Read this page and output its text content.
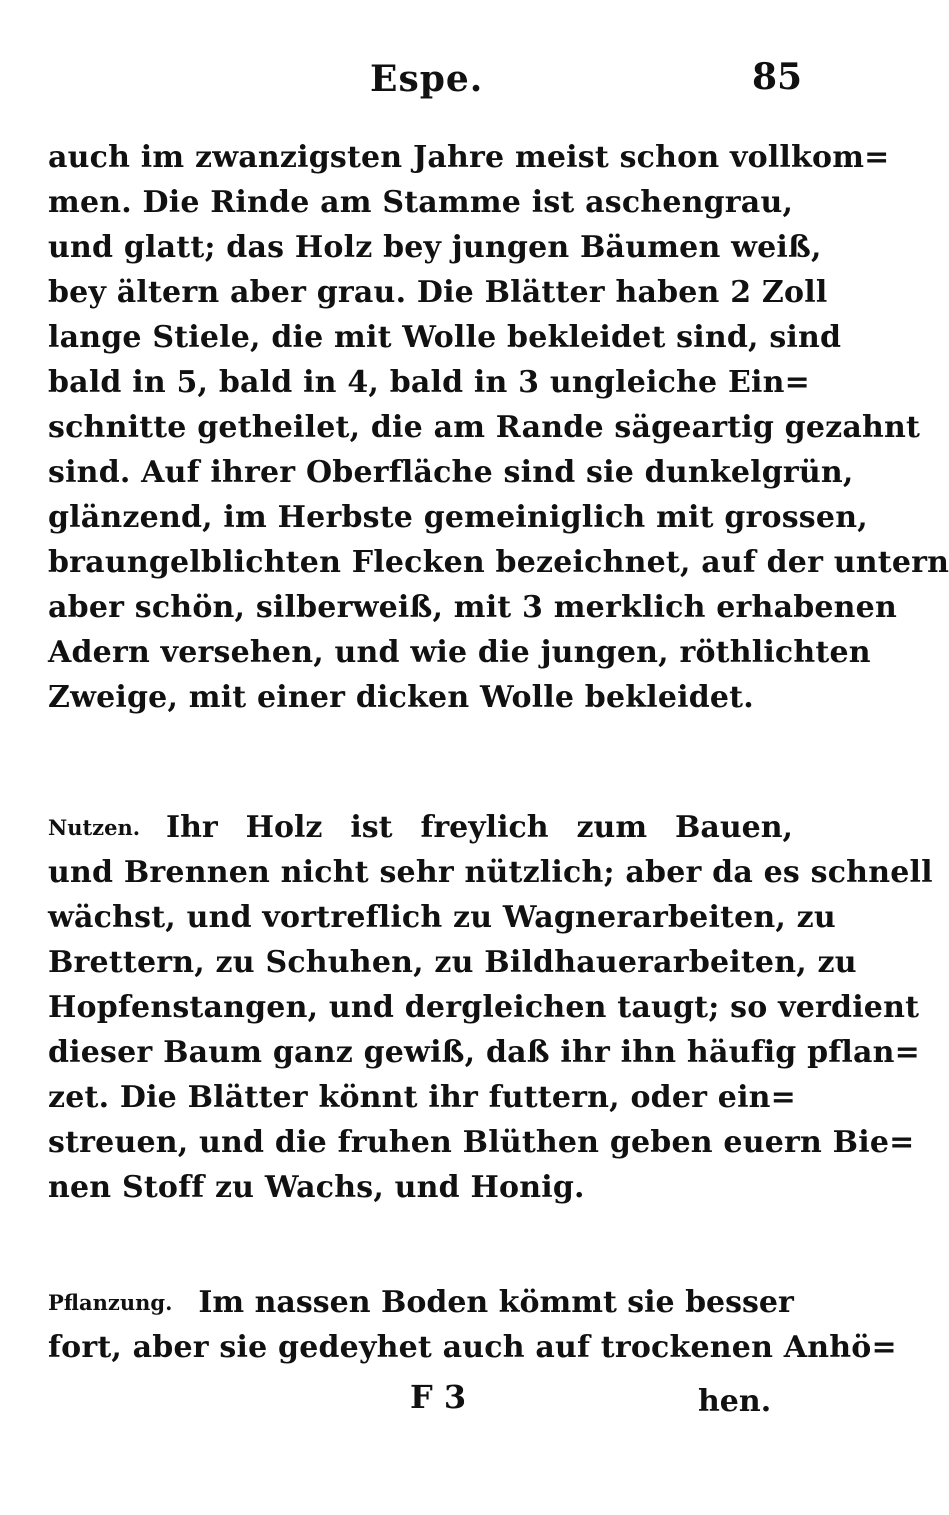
Espe.	85
auch im zwanzigsten Jahre meist schon vollkom=
men. Die Rinde am Stamme ist aschengrau,
und glatt; das Holz bey jungen Bäumen weiß,
bey ältern aber grau. Die Blätter haben 2 Zoll
lange Stiele, die mit Wolle bekleidet sind, sind
bald in 5, bald in 4, bald in 3 ungleiche Ein=
schnitte getheilet, die am Rande sägeartig gezahnt
sind. Auf ihrer Oberfläche sind sie dunkelgrün,
glänzend, im Herbste gemeiniglich mit grossen,
braungelblichten Flecken bezeichnet, auf der untern
aber schön, silberweiß, mit 3 merklich erhabenen
Adern versehen, und wie die jungen, röthlichten
Zweige, mit einer dicken Wolle bekleidet.
Nutzen. Ihr Holz ist freylich zum Bauen,
und Brennen nicht sehr nützlich; aber da es schnell
wächst, und vortreflich zu Wagnerarbeiten, zu
Brettern, zu Schuhen, zu Bildhauerarbeiten, zu
Hopfenstangen, und dergleichen taugt; so verdient
dieser Baum ganz gewiß, daß ihr ihn häufig pflan=
zet. Die Blätter könnt ihr futtern, oder ein=
streuen, und die fruhen Blüthen geben euern Bie=
nen Stoff zu Wachs, und Honig.
Pflanzung. Im nassen Boden kömmt sie besser
fort, aber sie gedeyhet auch auf trockenen Anhö=
F 3	hen.
